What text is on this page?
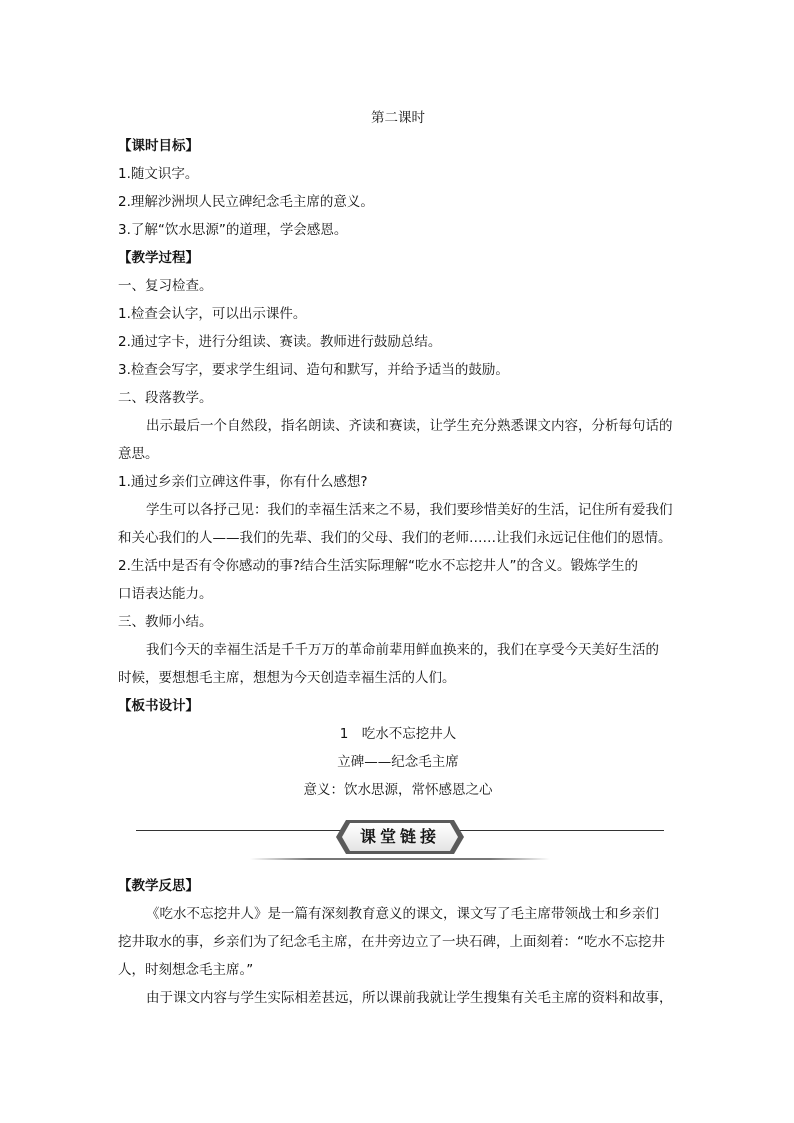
第二课时
【课时目标】
1.随文识字。
2.理解沙洲坝人民立碑纪念毛主席的意义。
3.了解“饮水思源”的道理，学会感恩。
【教学过程】
一、复习检查。
1.检查会认字，可以出示课件。
2.通过字卡，进行分组读、赛读。教师进行鼓励总结。
3.检查会写字，要求学生组词、造句和默写，并给予适当的鼓励。
二、段落教学。
出示最后一个自然段，指名朗读、齐读和赛读，让学生充分熟悉课文内容，分析每句话的
意思。
1.通过乡亲们立碑这件事，你有什么感想?
学生可以各抒己见：我们的幸福生活来之不易，我们要珍惜美好的生活，记住所有爱我们
和关心我们的人——我们的先辈、我们的父母、我们的老师……让我们永远记住他们的恩情。
2.生活中是否有令你感动的事?结合生活实际理解“吃水不忘挖井人”的含义。锻炼学生的
口语表达能力。
三、教师小结。
我们今天的幸福生活是千千万万的革命前辈用鲜血换来的，我们在享受今天美好生活的
时候，要想想毛主席，想想为今天创造幸福生活的人们。
【板书设计】
1　吃水不忘挖井人
立碑——纪念毛主席
意义：饮水思源，常怀感恩之心
课堂链接
【教学反思】
《吃水不忘挖井人》是一篇有深刻教育意义的课文，课文写了毛主席带领战士和乡亲们
挖井取水的事，乡亲们为了纪念毛主席，在井旁边立了一块石碑，上面刻着：“吃水不忘挖井
人，时刻想念毛主席。”
由于课文内容与学生实际相差甚远，所以课前我就让学生搜集有关毛主席的资料和故事，
